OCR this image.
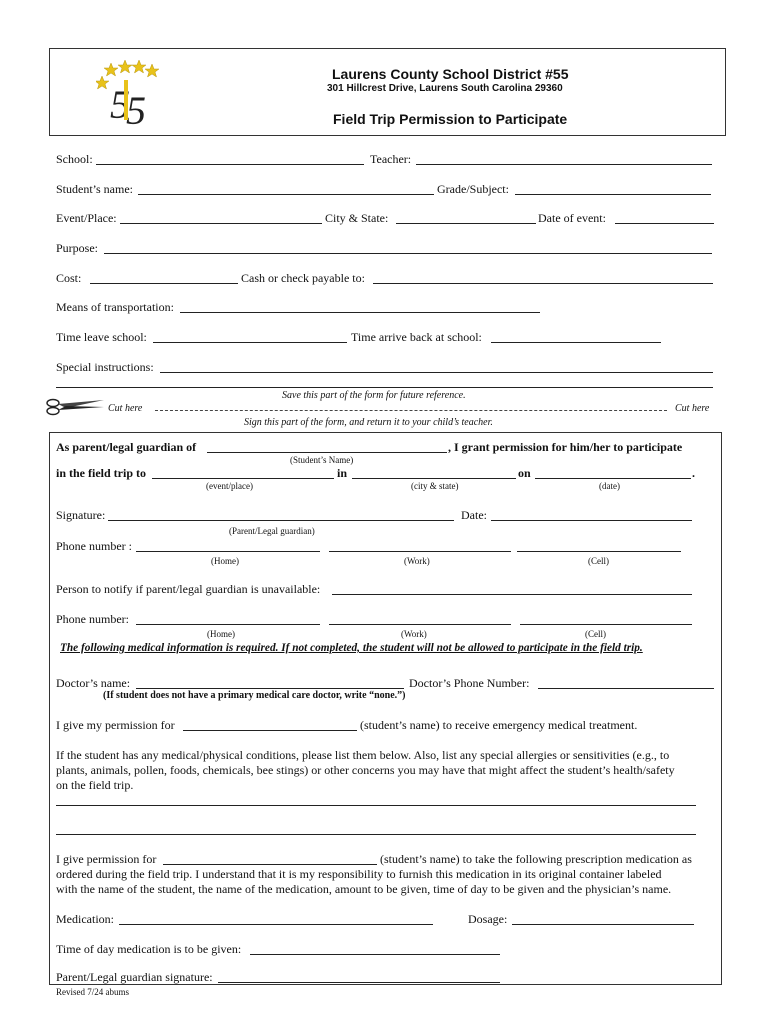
5
5
Laurens County School District #55
301 Hillcrest Drive, Laurens South Carolina 29360
Field Trip Permission to Participate
School:	Teacher:
Student’s name:	Grade/Subject:
Event/Place:	City & State:	Date of event:
Purpose:
Cost:	Cash or check payable to:
Means of transportation:
Time leave school:	Time arrive back at school:
Special instructions:
Save this part of the form for future reference.
Cut here	Cut here
Sign this part of the form, and return it to your child’s teacher.
As parent/legal guardian of	, I grant permission for him/her to participate
(Student’s Name)
in the field trip to	in	on	.
(event/place)	(city & state)	(date)
Signature:	Date:
(Parent/Legal guardian)
Phone number :
(Home)	(Work)	(Cell)
Person to notify if parent/legal guardian is unavailable:
Phone number:
(Home)	(Work)	(Cell)
The following medical information is required. If not completed, the student will not be allowed to participate in the field trip.
Doctor’s name:	Doctor’s Phone Number:
(If student does not have a primary medical care doctor, write “none.”)
I give my permission for	(student’s name) to receive emergency medical treatment.
If the student has any medical/physical conditions, please list them below. Also, list any special allergies or sensitivities (e.g., to
plants, animals, pollen, foods, chemicals, bee stings) or other concerns you may have that might affect the student’s health/safety
on the field trip.
I give permission for	(student’s name) to take the following prescription medication as
ordered during the field trip. I understand that it is my responsibility to furnish this medication in its original container labeled
with the name of the student, the name of the medication, amount to be given, time of day to be given and the physician’s name.
Medication:	Dosage:
Time of day medication is to be given:
Parent/Legal guardian signature:
Revised 7/24 abums
